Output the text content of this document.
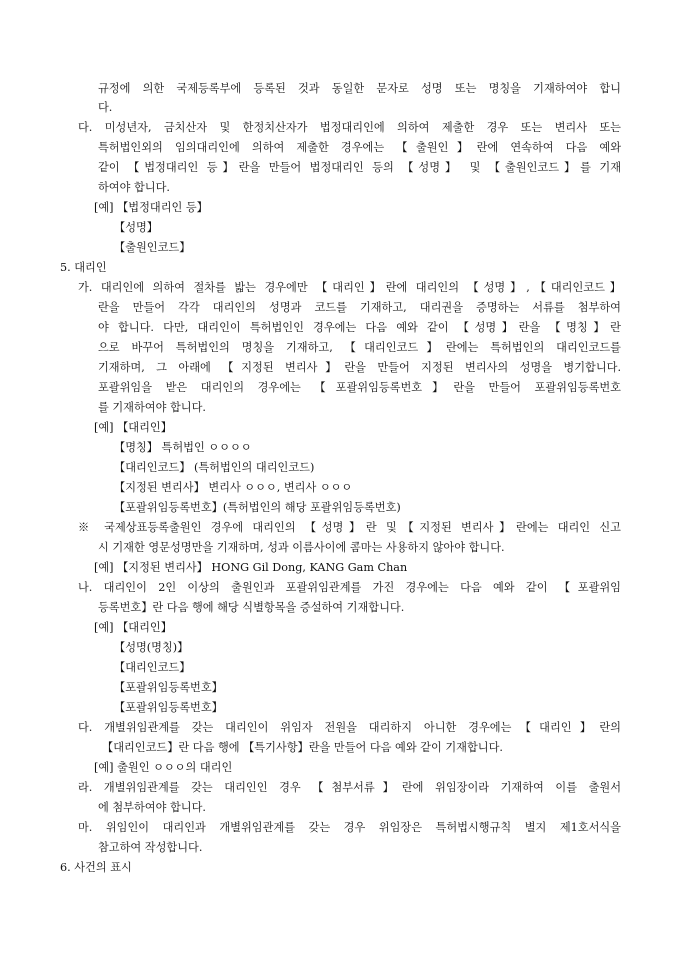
규정에 의한 국제등록부에 등록된 것과 동일한 문자로 성명 또는 명칭을 기재하여야 합니
다.
다. 미성년자, 금치산자 및 한정치산자가 법정대리인에 의하여 제출한 경우 또는 변리사 또는
특허법인외의 임의대리인에 의하여 제출한 경우에는 【출원인】란에 연속하여 다음 예와
같이 【법정대리인 등】란을 만들어 법정대리인 등의 【성명】 및 【출원인코드】를 기재
하여야 합니다.
[예] 【법정대리인 등】
【성명】
【출원인코드】
5. 대리인
가. 대리인에 의하여 절차를 밟는 경우에만 【대리인】란에 대리인의 【성명】,【대리인코드】
란을 만들어 각각 대리인의 성명과 코드를 기재하고, 대리권을 증명하는 서류를 첨부하여
야 합니다. 다만, 대리인이 특허법인인 경우에는 다음 예와 같이 【성명】란을 【명칭】란
으로 바꾸어 특허법인의 명칭을 기재하고, 【대리인코드】란에는 특허법인의 대리인코드를
기재하며, 그 아래에 【지정된 변리사】란을 만들어 지정된 변리사의 성명을 병기합니다.
포괄위임을 받은 대리인의 경우에는 【포괄위임등록번호】란을 만들어 포괄위임등록번호
를 기재하여야 합니다.
[예] 【대리인】
【명칭】 특허법인 ㅇㅇㅇㅇ
【대리인코드】 (특허법인의 대리인코드)
【지정된 변리사】 변리사 ㅇㅇㅇ, 변리사 ㅇㅇㅇ
【포괄위임등록번호】(특허법인의 해당 포괄위임등록번호)
※ 국제상표등록출원인 경우에 대리인의 【성명】란 및【지정된 변리사】란에는 대리인 신고
시 기재한 영문성명만을 기재하며, 성과 이름사이에 콤마는 사용하지 않아야 합니다.
[예] 【지정된 변리사】 HONG Gil Dong, KANG Gam Chan
나. 대리인이 2인 이상의 출원인과 포괄위임관계를 가진 경우에는 다음 예와 같이 【포괄위임
등록번호】란 다음 행에 해당 식별항목을 증설하여 기재합니다.
[예] 【대리인】
【성명(명칭)】
【대리인코드】
【포괄위임등록번호】
【포괄위임등록번호】
다. 개별위임관계를 갖는 대리인이 위임자 전원을 대리하지 아니한 경우에는【대리인】란의
【대리인코드】란 다음 행에 【특기사항】란을 만들어 다음 예와 같이 기재합니다.
[예] 출원인 ㅇㅇㅇ의 대리인
라. 개별위임관계를 갖는 대리인인 경우 【첨부서류】란에 위임장이라 기재하여 이를 출원서
에 첨부하여야 합니다.
마. 위임인이 대리인과 개별위임관계를 갖는 경우 위임장은 특허법시행규칙 별지 제1호서식을
참고하여 작성합니다.
6. 사건의 표시
